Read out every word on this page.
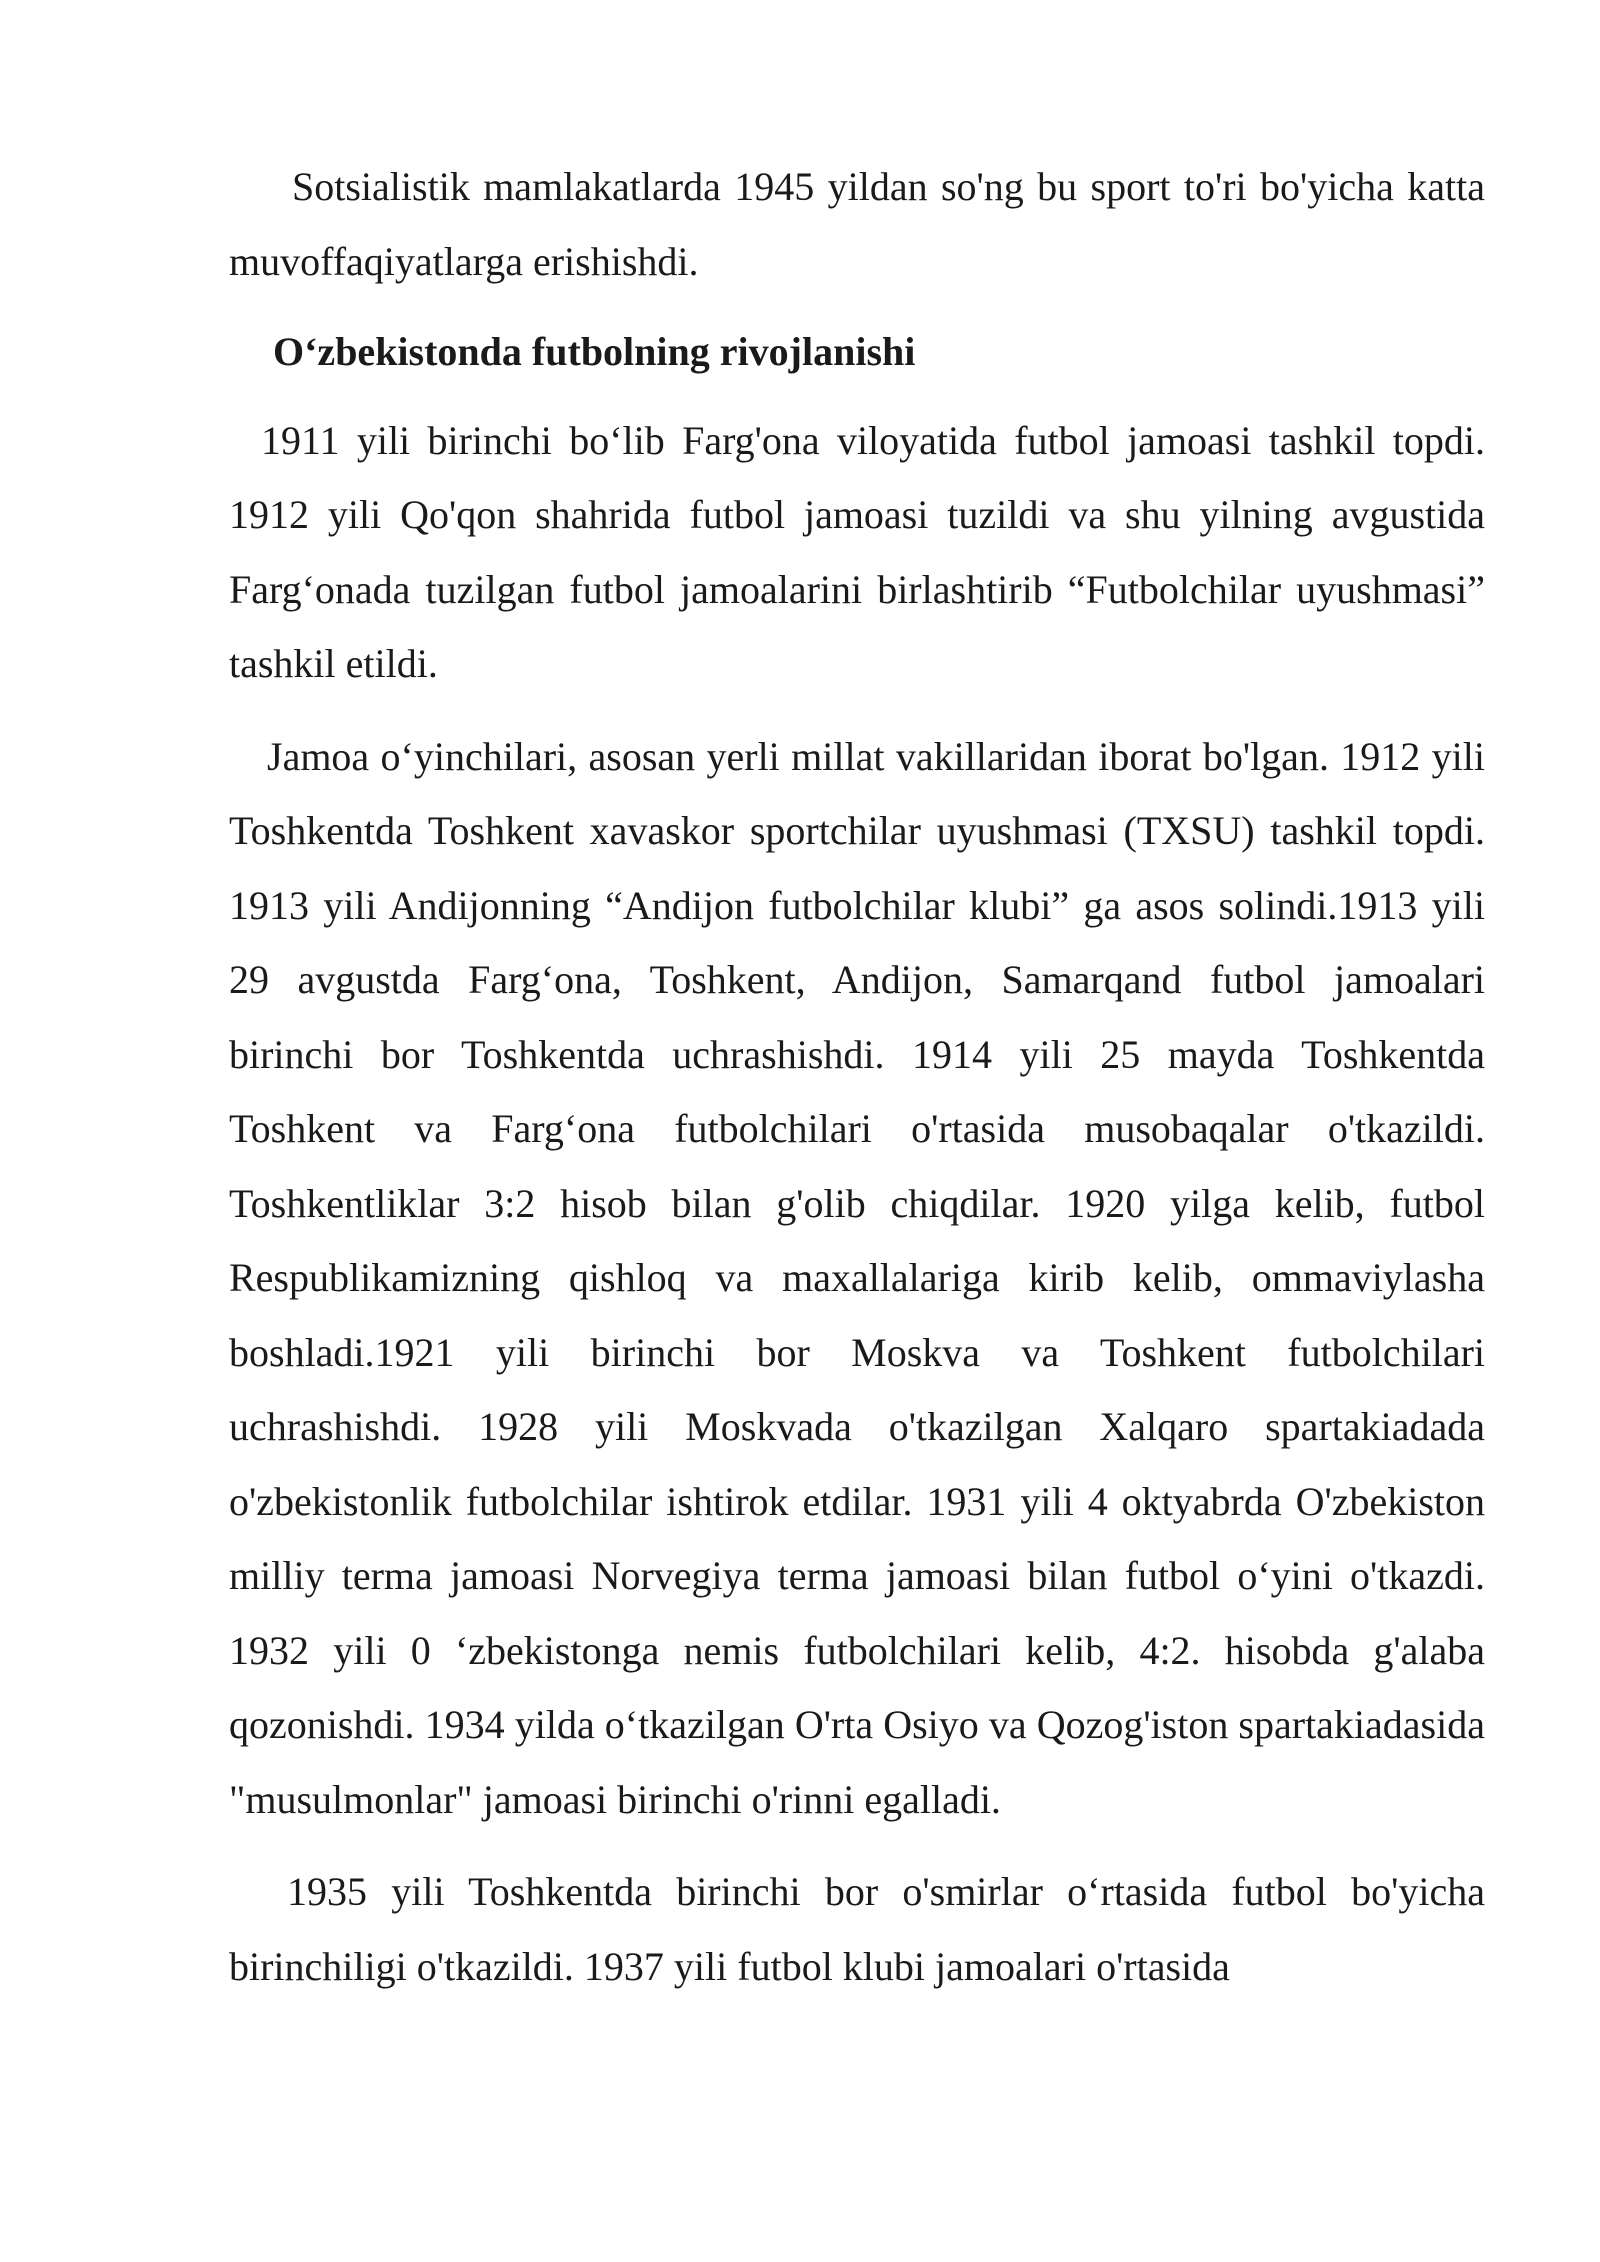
Sotsialistik mamlakatlarda 1945 yildan so'ng bu sport to'ri bo'yicha katta muvoffaqiyatlarga erishishdi.

O‘zbekistonda futbolning rivojlanishi

1911 yili birinchi bo‘lib Farg'ona viloyatida futbol jamoasi tashkil topdi. 1912 yili Qo'qon shahrida futbol jamoasi tuzildi va shu yilning avgustida Farg‘onada tuzilgan futbol jamoalarini birlashtirib “Futbolchilar uyushmasi” tashkil etildi.

Jamoa o‘yinchilari, asosan yerli millat vakillaridan iborat bo'lgan. 1912 yili Toshkentda Toshkent xavaskor sportchilar uyushmasi (TXSU) tashkil topdi. 1913 yili Andijonning “Andijon futbolchilar klubi” ga asos solindi.1913 yili 29 avgustda Farg‘ona, Toshkent, Andijon, Samarqand futbol jamoalari birinchi bor Toshkentda uchrashishdi. 1914 yili 25 mayda Toshkentda Toshkent va Farg‘ona futbolchilari o'rtasida musobaqalar o'tkazildi. Toshkentliklar 3:2 hisob bilan g'olib chiqdilar. 1920 yilga kelib, futbol Respublikamizning qishloq va maxallalariga kirib kelib, ommaviylasha boshladi.1921 yili birinchi bor Moskva va Toshkent futbolchilari uchrashishdi. 1928 yili Moskvada o'tkazilgan Xalqaro spartakiadada o'zbekistonlik futbolchilar ishtirok etdilar. 1931 yili 4 oktyabrda O'zbekiston milliy terma jamoasi Norvegiya terma jamoasi bilan futbol o‘yini o'tkazdi. 1932 yili 0 ‘zbekistonga nemis futbolchilari kelib, 4:2. hisobda g'alaba qozonishdi. 1934 yilda o‘tkazilgan O'rta Osiyo va Qozog'iston spartakiadasida "musulmonlar" jamoasi birinchi o'rinni egalladi.

1935 yili Toshkentda birinchi bor o'smirlar o‘rtasida futbol bo'yicha birinchiligi o'tkazildi. 1937 yili futbol klubi jamoalari o'rtasida
